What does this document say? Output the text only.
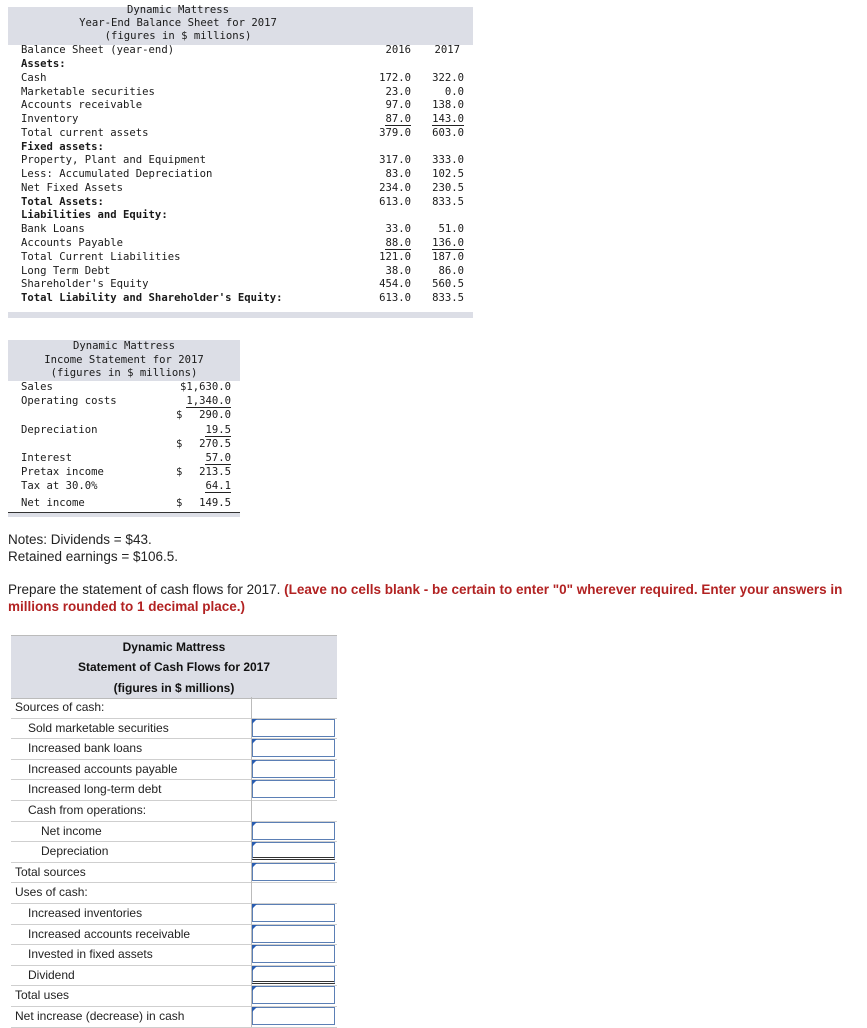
Dynamic Mattress
Year-End Balance Sheet for 2017
(figures in $ millions)
Balance Sheet (year-end)	2016 2017
Assets:
Cash	172.0 322.0
Marketable securities	23.0	0.0
Accounts receivable	97.0 138.0
Inventory	87.0 143.0
Total current assets	379.0 603.0
Fixed assets:
Property, Plant and Equipment	317.0 333.0
Less: Accumulated Depreciation	83.0 102.5
Net Fixed Assets	234.0 230.5
Total Assets:	613.0 833.5
Liabilities and Equity:
Bank Loans	33.0	51.0
Accounts Payable	88.0 136.0
Total Current Liabilities	121.0 187.0
Long Term Debt	38.0	86.0
Shareholder's Equity	454.0 560.5
Total Liability and Shareholder's Equity:	613.0 833.5
Dynamic Mattress
Income Statement for 2017
(figures in $ millions)
Sales	$1,630.0
Operating costs	1,340.0
$ 290.0
Depreciation	19.5
$ 270.5
Interest	57.0
Pretax income	$ 213.5
Tax at 30.0%	64.1
Net income	$ 149.5
Notes: Dividends = $43.
Retained earnings = $106.5.
Prepare the statement of cash flows for 2017. (Leave no cells blank - be certain to enter "0" wherever required. Enter your answers in millions rounded to 1 decimal place.)
Dynamic Mattress
Statement of Cash Flows for 2017
(figures in $ millions)
Sources of cash:
Sold marketable securities
Increased bank loans
Increased accounts payable
Increased long-term debt
Cash from operations:
Net income
Depreciation
Total sources
Uses of cash:
Increased inventories
Increased accounts receivable
Invested in fixed assets
Dividend
Total uses
Net increase (decrease) in cash
